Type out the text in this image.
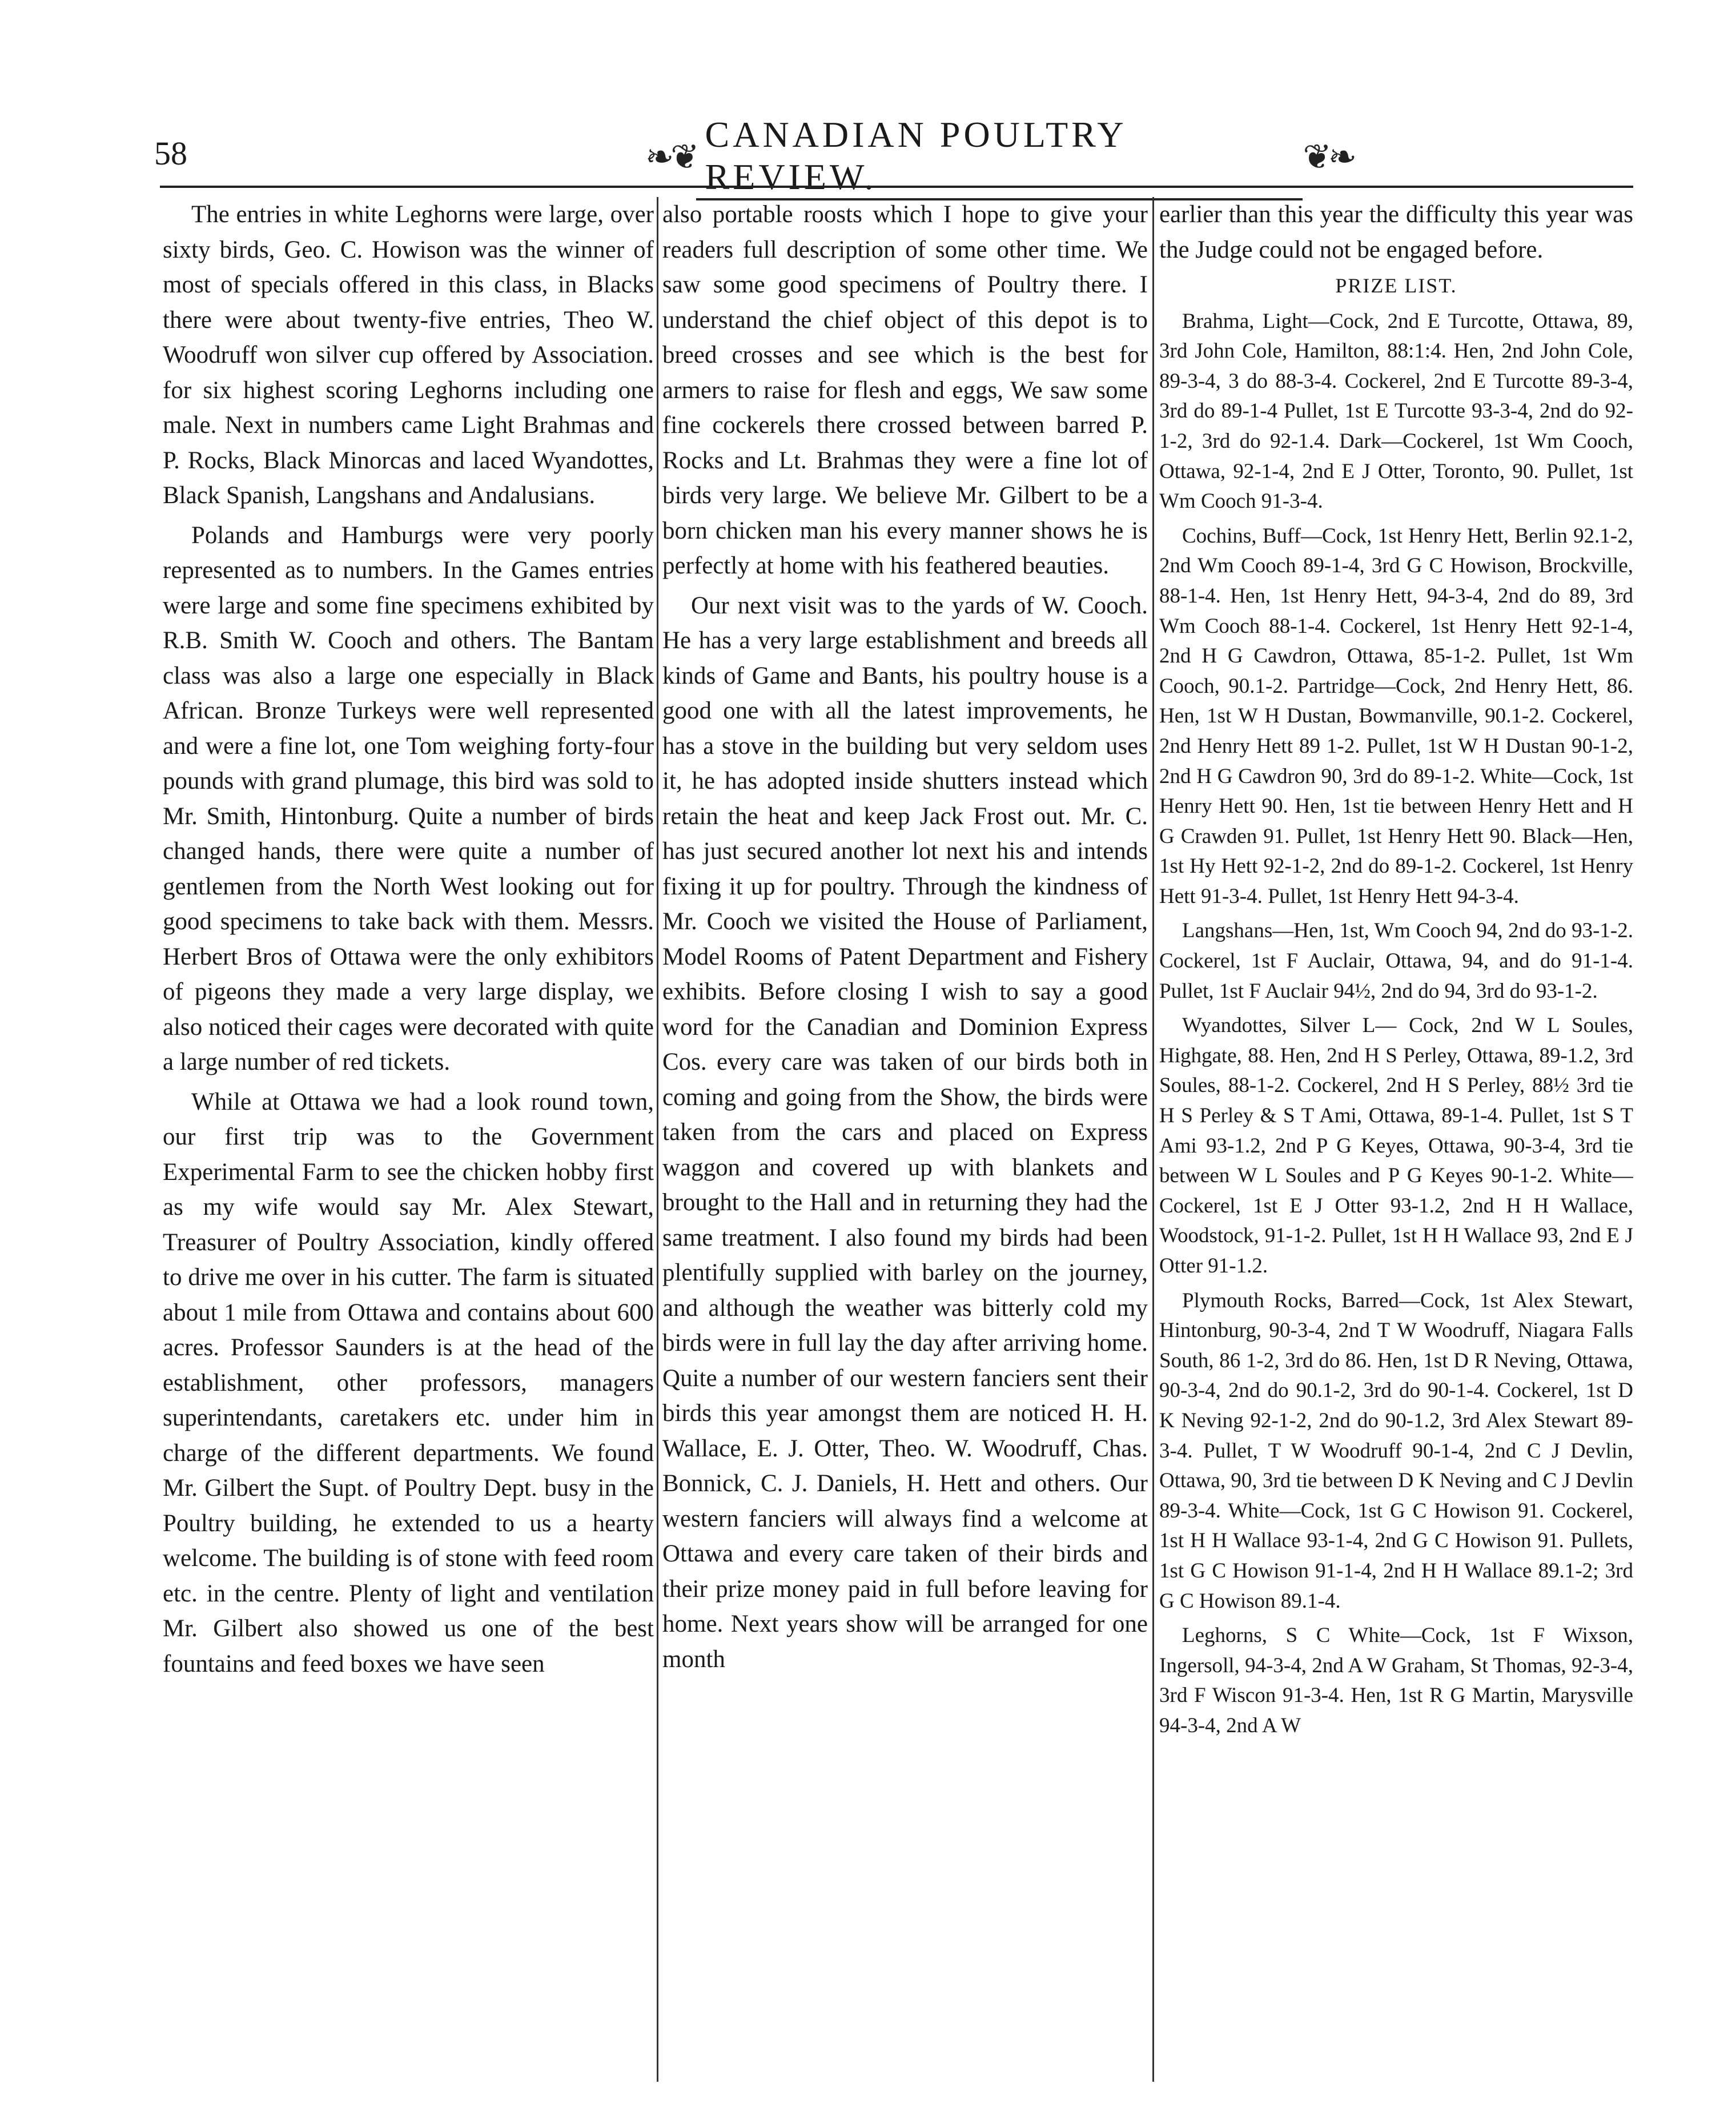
58	❧❦
CANADIAN POULTRY REVIEW.	❦❧

The entries in white Leghorns were large, over sixty birds, Geo. C. Howison was the winner of most of specials offered in this class, in Blacks there were about twenty-five entries, Theo W. Woodruff won silver cup offered by Association. for six highest scoring Leghorns including one male. Next in numbers came Light Brahmas and P. Rocks, Black Minorcas and laced Wyandottes, Black Spanish, Langshans and Andalusians.

Polands and Hamburgs were very poorly represented as to numbers. In the Games entries were large and some fine specimens exhibited by R.B. Smith W. Cooch and others. The Bantam class was also a large one especially in Black African. Bronze Turkeys were well represented and were a fine lot, one Tom weighing forty-four pounds with grand plumage, this bird was sold to Mr. Smith, Hintonburg. Quite a number of birds changed hands, there were quite a number of gentlemen from the North West looking out for good specimens to take back with them. Messrs. Herbert Bros of Ottawa were the only exhibitors of pigeons they made a very large display, we also noticed their cages were decorated with quite a large number of red tickets.

While at Ottawa we had a look round town, our first trip was to the Government Experimental Farm to see the chicken hobby first as my wife would say Mr. Alex Stewart, Treasurer of Poultry Association, kindly offered to drive me over in his cutter. The farm is situated about 1 mile from Ottawa and contains about 600 acres. Professor Saunders is at the head of the establishment, other professors, managers superintendants, caretakers etc. under him in charge of the different departments. We found Mr. Gilbert the Supt. of Poultry Dept. busy in the Poultry building, he extended to us a hearty welcome. The building is of stone with feed room etc. in the centre. Plenty of light and ventilation Mr. Gilbert also showed us one of the best fountains and feed boxes we have seen

also portable roosts which I hope to give your readers full description of some other time. We saw some good specimens of Poultry there. I understand the chief object of this depot is to breed crosses and see which is the best for armers to raise for flesh and eggs, We saw some fine cockerels there crossed between barred P. Rocks and Lt. Brahmas they were a fine lot of birds very large. We believe Mr. Gilbert to be a born chicken man his every manner shows he is perfectly at home with his feathered beauties.

Our next visit was to the yards of W. Cooch. He has a very large establishment and breeds all kinds of Game and Bants, his poultry house is a good one with all the latest improvements, he has a stove in the building but very seldom uses it, he has adopted inside shutters instead which retain the heat and keep Jack Frost out. Mr. C. has just secured another lot next his and intends fixing it up for poultry. Through the kindness of Mr. Cooch we visited the House of Parliament, Model Rooms of Patent Department and Fishery exhibits. Before closing I wish to say a good word for the Canadian and Dominion Express Cos. every care was taken of our birds both in coming and going from the Show, the birds were taken from the cars and placed on Express waggon and covered up with blankets and brought to the Hall and in returning they had the same treatment. I also found my birds had been plentifully supplied with barley on the journey, and although the weather was bitterly cold my birds were in full lay the day after arriving home. Quite a number of our western fanciers sent their birds this year amongst them are noticed H. H. Wallace, E. J. Otter, Theo. W. Woodruff, Chas. Bonnick, C. J. Daniels, H. Hett and others. Our western fanciers will always find a welcome at Ottawa and every care taken of their birds and their prize money paid in full before leaving for home. Next years show will be arranged for one month

earlier than this year the difficulty this year was the Judge could not be engaged before.

PRIZE LIST.

Brahma, Light—Cock, 2nd E Turcotte, Ottawa, 89, 3rd John Cole, Hamilton, 88:1:4. Hen, 2nd John Cole, 89-3-4, 3 do 88-3-4. Cockerel, 2nd E Turcotte 89-3-4, 3rd do 89-1-4 Pullet, 1st E Turcotte 93-3-4, 2nd do 92-1-2, 3rd do 92-1.4. Dark—Cockerel, 1st Wm Cooch, Ottawa, 92-1-4, 2nd E J Otter, Toronto, 90. Pullet, 1st Wm Cooch 91-3-4.

Cochins, Buff—Cock, 1st Henry Hett, Berlin 92.1-2, 2nd Wm Cooch 89-1-4, 3rd G C Howison, Brockville, 88-1-4. Hen, 1st Henry Hett, 94-3-4, 2nd do 89, 3rd Wm Cooch 88-1-4. Cockerel, 1st Henry Hett 92-1-4, 2nd H G Cawdron, Ottawa, 85-1-2. Pullet, 1st Wm Cooch, 90.1-2. Partridge—Cock, 2nd Henry Hett, 86. Hen, 1st W H Dustan, Bowmanville, 90.1-2. Cockerel, 2nd Henry Hett 89 1-2. Pullet, 1st W H Dustan 90-1-2, 2nd H G Cawdron 90, 3rd do 89-1-2. White—Cock, 1st Henry Hett 90. Hen, 1st tie between Henry Hett and H G Crawden 91. Pullet, 1st Henry Hett 90. Black—Hen, 1st Hy Hett 92-1-2, 2nd do 89-1-2. Cockerel, 1st Henry Hett 91-3-4. Pullet, 1st Henry Hett 94-3-4.

Langshans—Hen, 1st, Wm Cooch 94, 2nd do 93-1-2. Cockerel, 1st F Auclair, Ottawa, 94, and do 91-1-4. Pullet, 1st F Auclair 94½, 2nd do 94, 3rd do 93-1-2.

Wyandottes, Silver L— Cock, 2nd W L Soules, Highgate, 88. Hen, 2nd H S Perley, Ottawa, 89-1.2, 3rd Soules, 88-1-2. Cockerel, 2nd H S Perley, 88½ 3rd tie H S Perley & S T Ami, Ottawa, 89-1-4. Pullet, 1st S T Ami 93-1.2, 2nd P G Keyes, Ottawa, 90-3-4, 3rd tie between W L Soules and P G Keyes 90-1-2. White—Cockerel, 1st E J Otter 93-1.2, 2nd H H Wallace, Woodstock, 91-1-2. Pullet, 1st H H Wallace 93, 2nd E J Otter 91-1.2.

Plymouth Rocks, Barred—Cock, 1st Alex Stewart, Hintonburg, 90-3-4, 2nd T W Woodruff, Niagara Falls South, 86 1-2, 3rd do 86. Hen, 1st D R Neving, Ottawa, 90-3-4, 2nd do 90.1-2, 3rd do 90-1-4. Cockerel, 1st D K Neving 92-1-2, 2nd do 90-1.2, 3rd Alex Stewart 89-3-4. Pullet, T W Woodruff 90-1-4, 2nd C J Devlin, Ottawa, 90, 3rd tie between D K Neving and C J Devlin 89-3-4. White—Cock, 1st G C Howison 91. Cockerel, 1st H H Wallace 93-1-4, 2nd G C Howison 91. Pullets, 1st G C Howison 91-1-4, 2nd H H Wallace 89.1-2; 3rd G C Howison 89.1-4.

Leghorns, S C White—Cock, 1st F Wixson, Ingersoll, 94-3-4, 2nd A W Graham, St Thomas, 92-3-4, 3rd F Wiscon 91-3-4. Hen, 1st R G Martin, Marysville 94-3-4, 2nd A W
